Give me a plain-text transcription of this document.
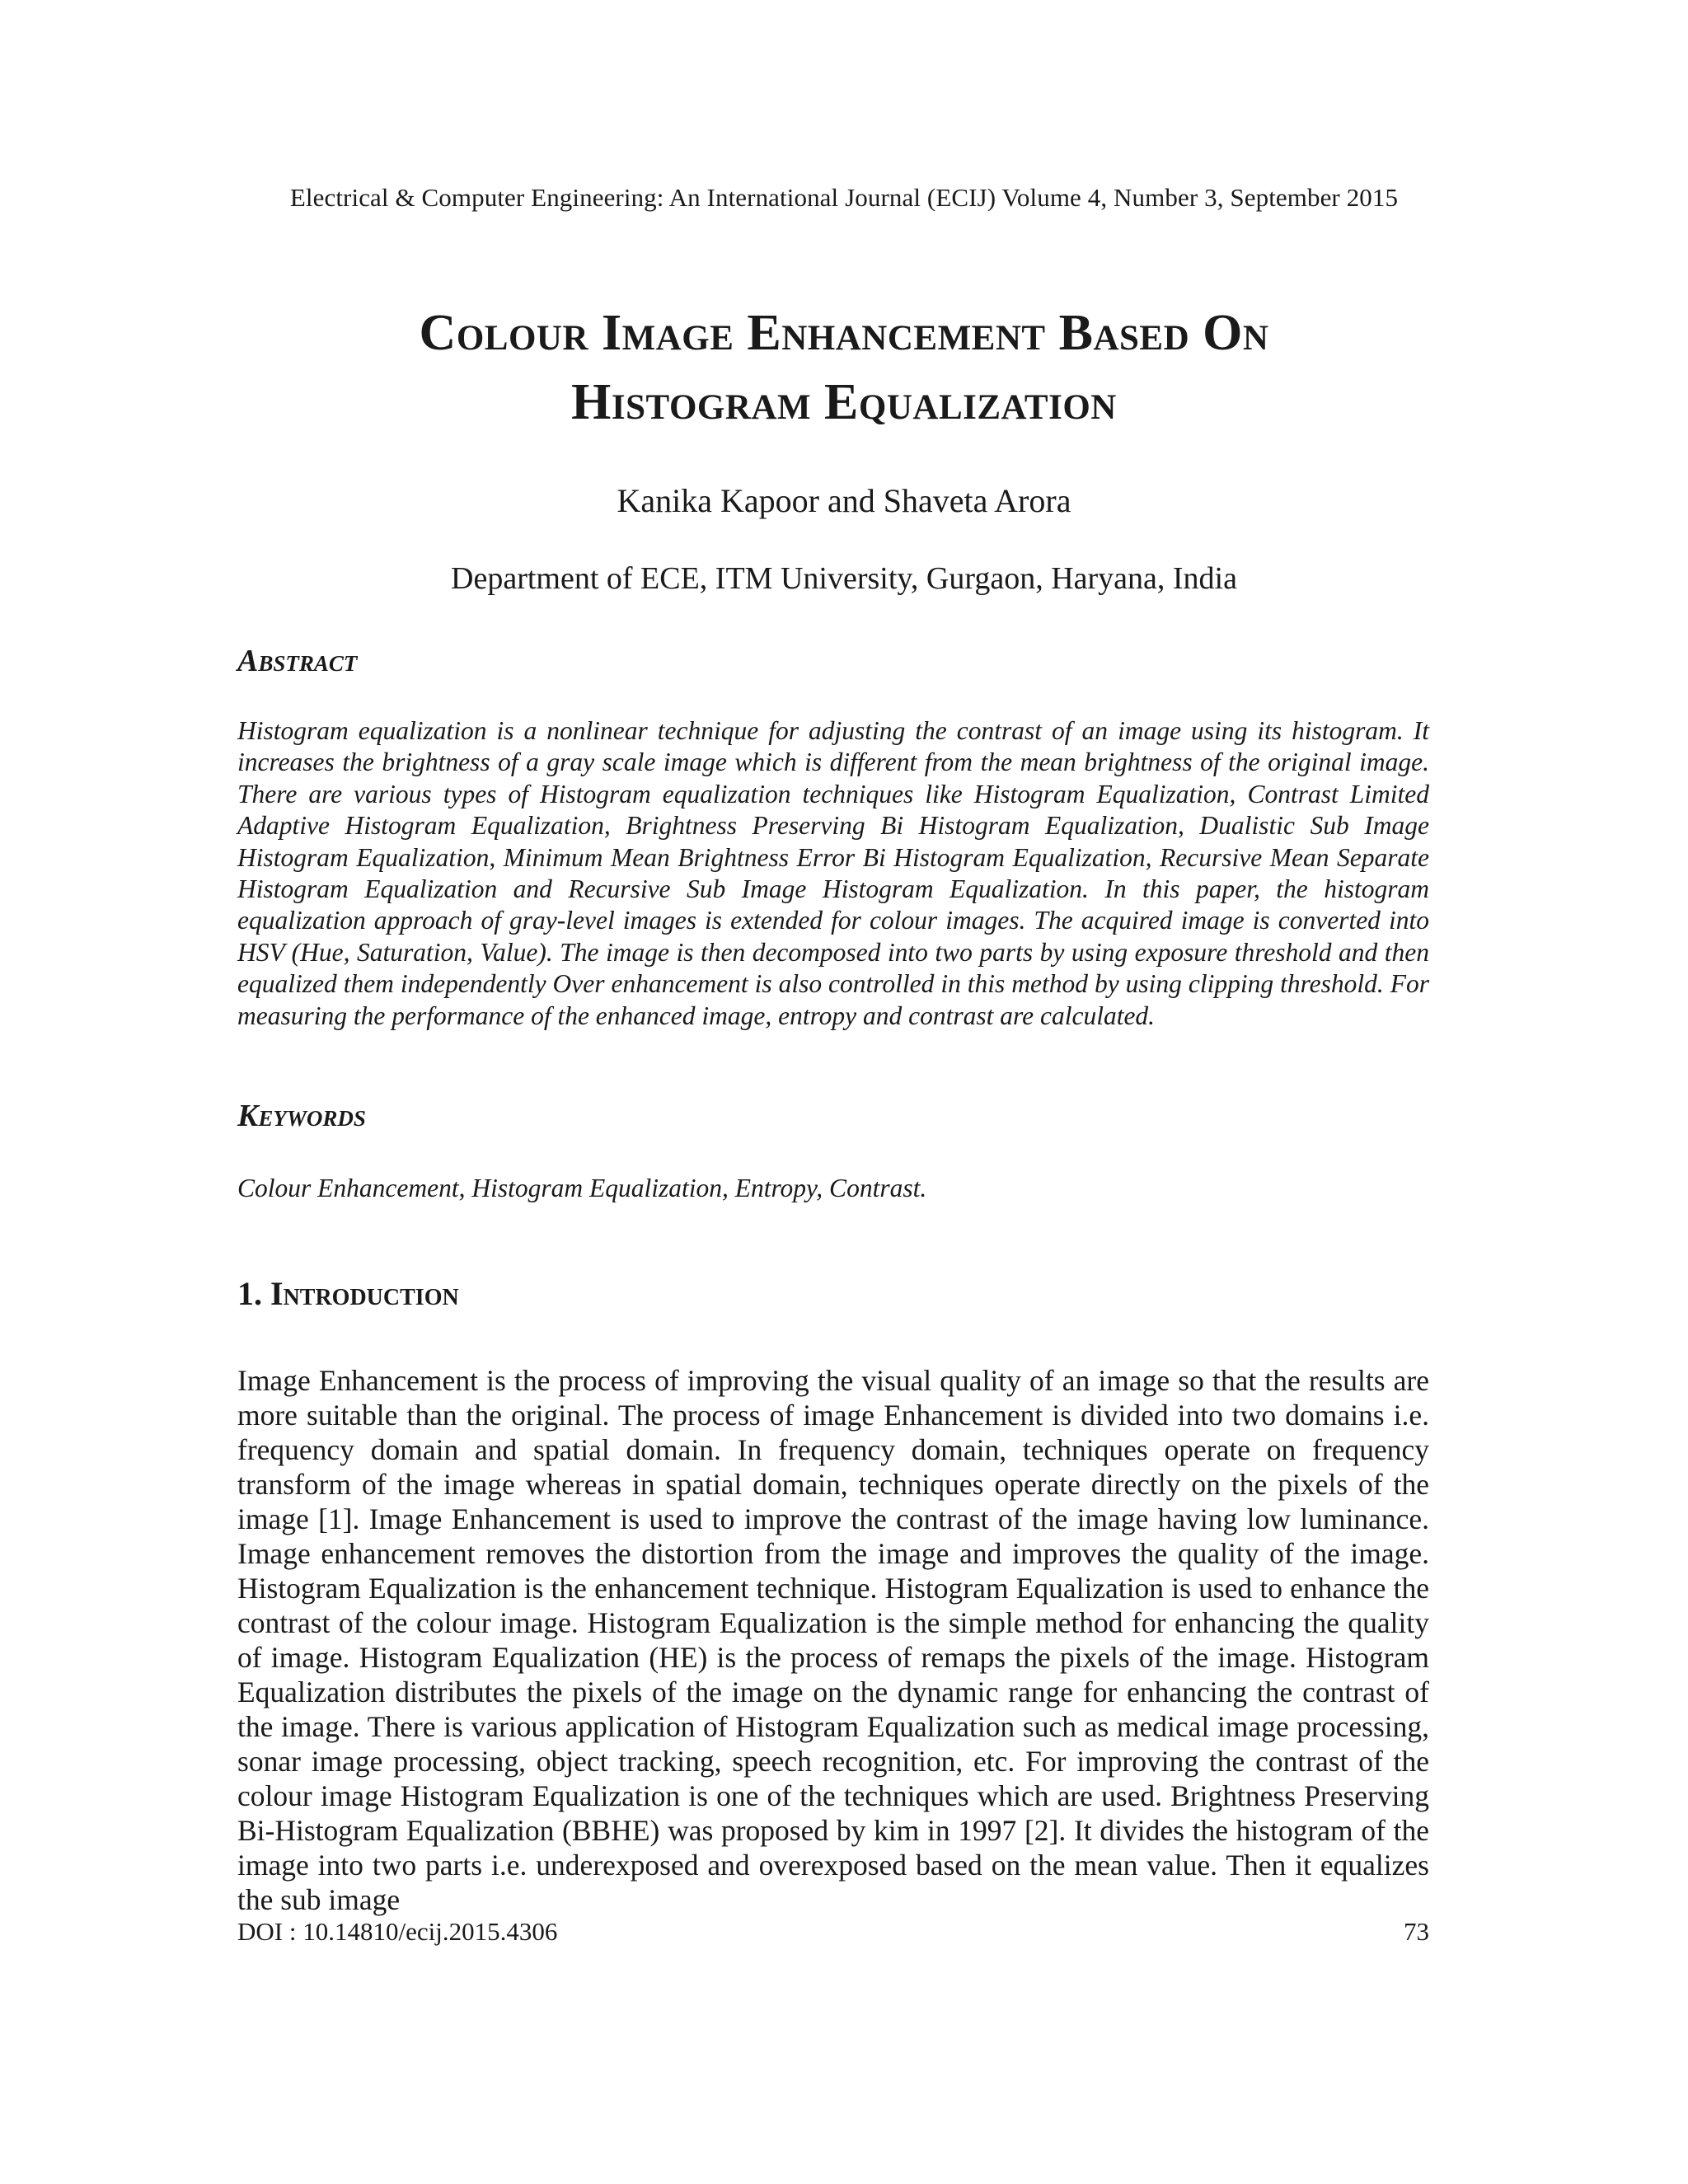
Electrical & Computer Engineering: An International Journal (ECIJ) Volume 4, Number 3, September 2015
Colour Image Enhancement Based On
Histogram Equalization
Kanika Kapoor and Shaveta Arora
Department of ECE, ITM University, Gurgaon, Haryana, India
Abstract
Histogram equalization is a nonlinear technique for adjusting the contrast of an image using its histogram. It increases the brightness of a gray scale image which is different from the mean brightness of the original image. There are various types of Histogram equalization techniques like Histogram Equalization, Contrast Limited Adaptive Histogram Equalization, Brightness Preserving Bi Histogram Equalization, Dualistic Sub Image Histogram Equalization, Minimum Mean Brightness Error Bi Histogram Equalization, Recursive Mean Separate Histogram Equalization and Recursive Sub Image Histogram Equalization. In this paper, the histogram equalization approach of gray-level images is extended for colour images. The acquired image is converted into HSV (Hue, Saturation, Value). The image is then decomposed into two parts by using exposure threshold and then equalized them independently Over enhancement is also controlled in this method by using clipping threshold. For measuring the performance of the enhanced image, entropy and contrast are calculated.
Keywords
Colour Enhancement, Histogram Equalization, Entropy, Contrast.
1. Introduction
Image Enhancement is the process of improving the visual quality of an image so that the results are more suitable than the original. The process of image Enhancement is divided into two domains i.e. frequency domain and spatial domain. In frequency domain, techniques operate on frequency transform of the image whereas in spatial domain, techniques operate directly on the pixels of the image [1]. Image Enhancement is used to improve the contrast of the image having low luminance. Image enhancement removes the distortion from the image and improves the quality of the image. Histogram Equalization is the enhancement technique. Histogram Equalization is used to enhance the contrast of the colour image. Histogram Equalization is the simple method for enhancing the quality of image. Histogram Equalization (HE) is the process of remaps the pixels of the image. Histogram Equalization distributes the pixels of the image on the dynamic range for enhancing the contrast of the image. There is various application of Histogram Equalization such as medical image processing, sonar image processing, object tracking, speech recognition, etc. For improving the contrast of the colour image Histogram Equalization is one of the techniques which are used. Brightness Preserving Bi-Histogram Equalization (BBHE) was proposed by kim in 1997 [2]. It divides the histogram of the image into two parts i.e. underexposed and overexposed based on the mean value. Then it equalizes the sub image
DOI : 10.14810/ecij.2015.4306	73
